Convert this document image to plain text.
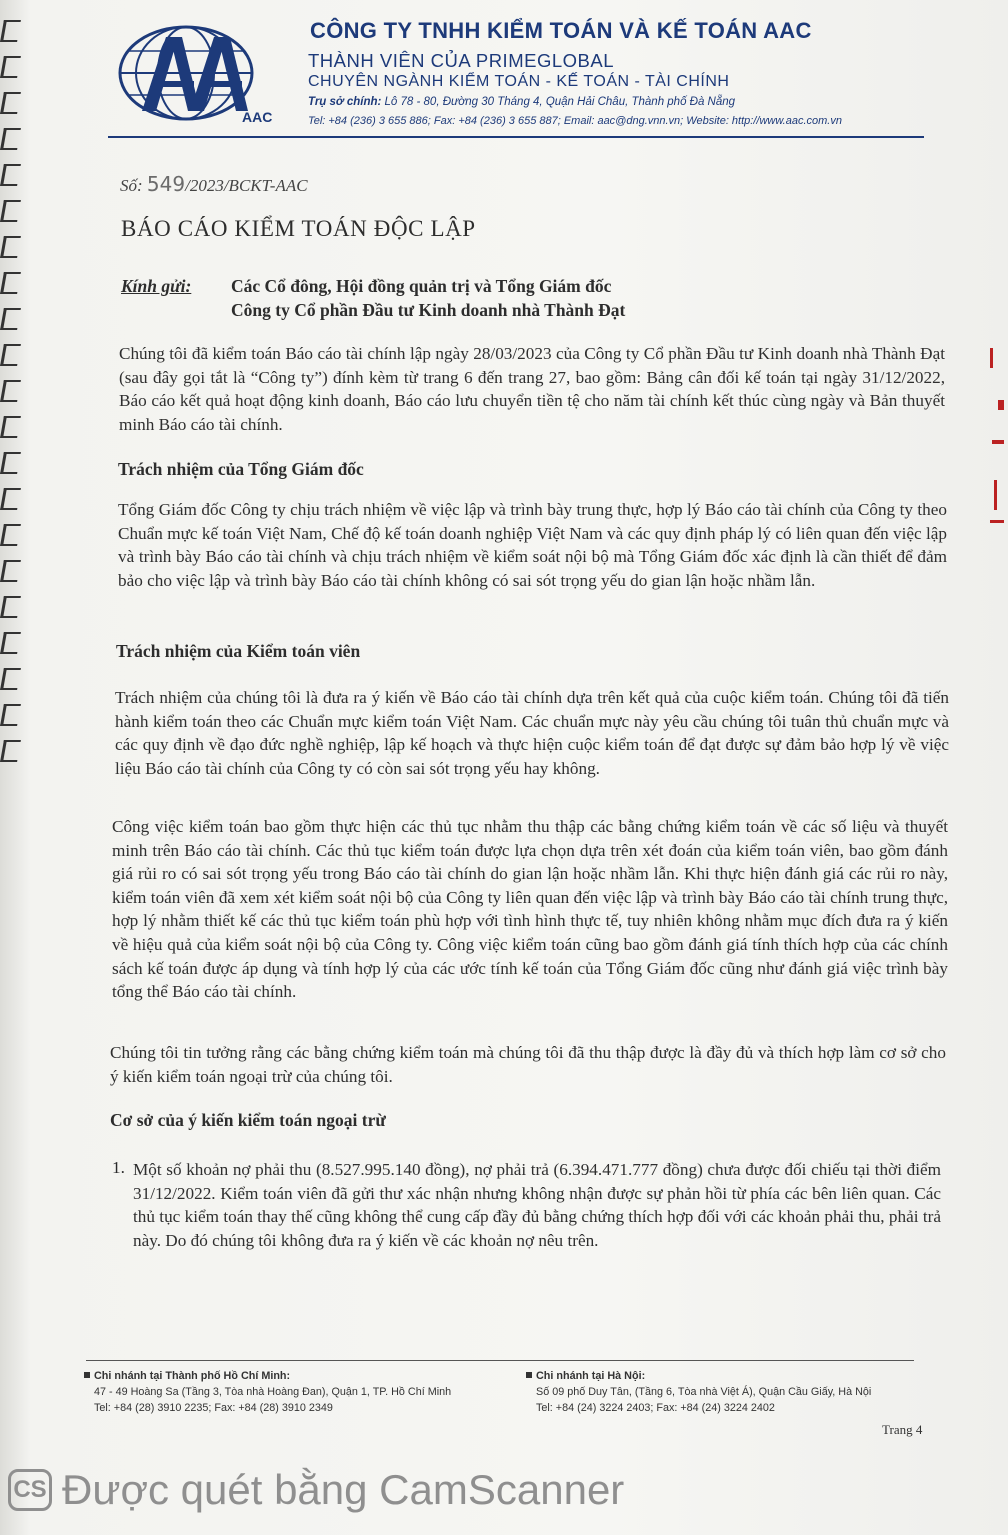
AAC
CÔNG TY TNHH KIỂM TOÁN VÀ KẾ TOÁN AAC
THÀNH VIÊN CỦA PRIMEGLOBAL
CHUYÊN NGÀNH KIỂM TOÁN - KẾ TOÁN - TÀI CHÍNH
Trụ sở chính: Lô 78 - 80, Đường 30 Tháng 4, Quận Hải Châu, Thành phố Đà Nẵng
Tel: +84 (236) 3 655 886; Fax: +84 (236) 3 655 887; Email: aac@dng.vnn.vn; Website: http://www.aac.com.vn
Số: 549/2023/BCKT-AAC
BÁO CÁO KIỂM TOÁN ĐỘC LẬP
Kính gửi: Các Cổ đông, Hội đồng quản trị và Tổng Giám đốc
Công ty Cổ phần Đầu tư Kinh doanh nhà Thành Đạt
Chúng tôi đã kiểm toán Báo cáo tài chính lập ngày 28/03/2023 của Công ty Cổ phần Đầu tư Kinh doanh nhà Thành Đạt (sau đây gọi tắt là “Công ty”) đính kèm từ trang 6 đến trang 27, bao gồm: Bảng cân đối kế toán tại ngày 31/12/2022, Báo cáo kết quả hoạt động kinh doanh, Báo cáo lưu chuyển tiền tệ cho năm tài chính kết thúc cùng ngày và Bản thuyết minh Báo cáo tài chính.
Trách nhiệm của Tổng Giám đốc
Tổng Giám đốc Công ty chịu trách nhiệm về việc lập và trình bày trung thực, hợp lý Báo cáo tài chính của Công ty theo Chuẩn mực kế toán Việt Nam, Chế độ kế toán doanh nghiệp Việt Nam và các quy định pháp lý có liên quan đến việc lập và trình bày Báo cáo tài chính và chịu trách nhiệm về kiểm soát nội bộ mà Tổng Giám đốc xác định là cần thiết để đảm bảo cho việc lập và trình bày Báo cáo tài chính không có sai sót trọng yếu do gian lận hoặc nhầm lẫn.
Trách nhiệm của Kiểm toán viên
Trách nhiệm của chúng tôi là đưa ra ý kiến về Báo cáo tài chính dựa trên kết quả của cuộc kiểm toán. Chúng tôi đã tiến hành kiểm toán theo các Chuẩn mực kiểm toán Việt Nam. Các chuẩn mực này yêu cầu chúng tôi tuân thủ chuẩn mực và các quy định về đạo đức nghề nghiệp, lập kế hoạch và thực hiện cuộc kiểm toán để đạt được sự đảm bảo hợp lý về việc liệu Báo cáo tài chính của Công ty có còn sai sót trọng yếu hay không.
Công việc kiểm toán bao gồm thực hiện các thủ tục nhằm thu thập các bằng chứng kiểm toán về các số liệu và thuyết minh trên Báo cáo tài chính. Các thủ tục kiểm toán được lựa chọn dựa trên xét đoán của kiểm toán viên, bao gồm đánh giá rủi ro có sai sót trọng yếu trong Báo cáo tài chính do gian lận hoặc nhầm lẫn. Khi thực hiện đánh giá các rủi ro này, kiểm toán viên đã xem xét kiểm soát nội bộ của Công ty liên quan đến việc lập và trình bày Báo cáo tài chính trung thực, hợp lý nhằm thiết kế các thủ tục kiểm toán phù hợp với tình hình thực tế, tuy nhiên không nhằm mục đích đưa ra ý kiến về hiệu quả của kiểm soát nội bộ của Công ty. Công việc kiểm toán cũng bao gồm đánh giá tính thích hợp của các chính sách kế toán được áp dụng và tính hợp lý của các ước tính kế toán của Tổng Giám đốc cũng như đánh giá việc trình bày tổng thể Báo cáo tài chính.
Chúng tôi tin tưởng rằng các bằng chứng kiểm toán mà chúng tôi đã thu thập được là đầy đủ và thích hợp làm cơ sở cho ý kiến kiểm toán ngoại trừ của chúng tôi.
Cơ sở của ý kiến kiểm toán ngoại trừ
1. Một số khoản nợ phải thu (8.527.995.140 đồng), nợ phải trả (6.394.471.777 đồng) chưa được đối chiếu tại thời điểm 31/12/2022. Kiểm toán viên đã gửi thư xác nhận nhưng không nhận được sự phản hồi từ phía các bên liên quan. Các thủ tục kiểm toán thay thế cũng không thể cung cấp đầy đủ bằng chứng thích hợp đối với các khoản phải thu, phải trả này. Do đó chúng tôi không đưa ra ý kiến về các khoản nợ nêu trên.
Chi nhánh tại Thành phố Hồ Chí Minh:
47 - 49 Hoàng Sa (Tầng 3, Tòa nhà Hoàng Đan), Quận 1, TP. Hồ Chí Minh
Tel: +84 (28) 3910 2235; Fax: +84 (28) 3910 2349
Chi nhánh tại Hà Nội:
Số 09 phố Duy Tân, (Tầng 6, Tòa nhà Việt Á), Quận Cầu Giấy, Hà Nội
Tel: +84 (24) 3224 2403; Fax: +84 (24) 3224 2402
Trang 4
CS Được quét bằng CamScanner
